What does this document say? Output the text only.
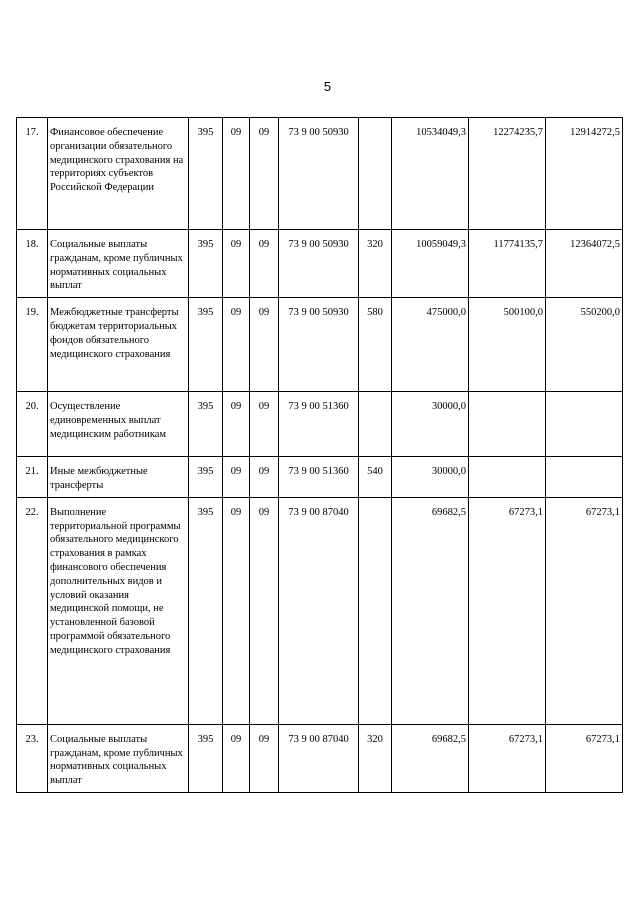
5
17.	Финансовое обеспечение организации обязательного медицинского страхования на территориях субъектов Российской Федерации	395	09	09	73 9 00 50930		10534049,3	12274235,7	12914272,5
18.	Социальные выплаты гражданам, кроме публичных нормативных социальных выплат	395	09	09	73 9 00 50930	320	10059049,3	11774135,7	12364072,5
19.	Межбюджетные трансферты бюджетам территориальных фондов обязательного медицинского страхования	395	09	09	73 9 00 50930	580	475000,0	500100,0	550200,0
20.	Осуществление единовременных выплат медицинским работникам	395	09	09	73 9 00 51360		30000,0		
21.	Иные межбюджетные трансферты	395	09	09	73 9 00 51360	540	30000,0		
22.	Выполнение территориальной программы обязательного медицинского страхования в рамках финансового обеспечения дополнительных видов и условий оказания медицинской помощи, не установленной базовой программой обязательного медицинского страхования	395	09	09	73 9 00 87040		69682,5	67273,1	67273,1
23.	Социальные выплаты гражданам, кроме публичных нормативных социальных выплат	395	09	09	73 9 00 87040	320	69682,5	67273,1	67273,1
